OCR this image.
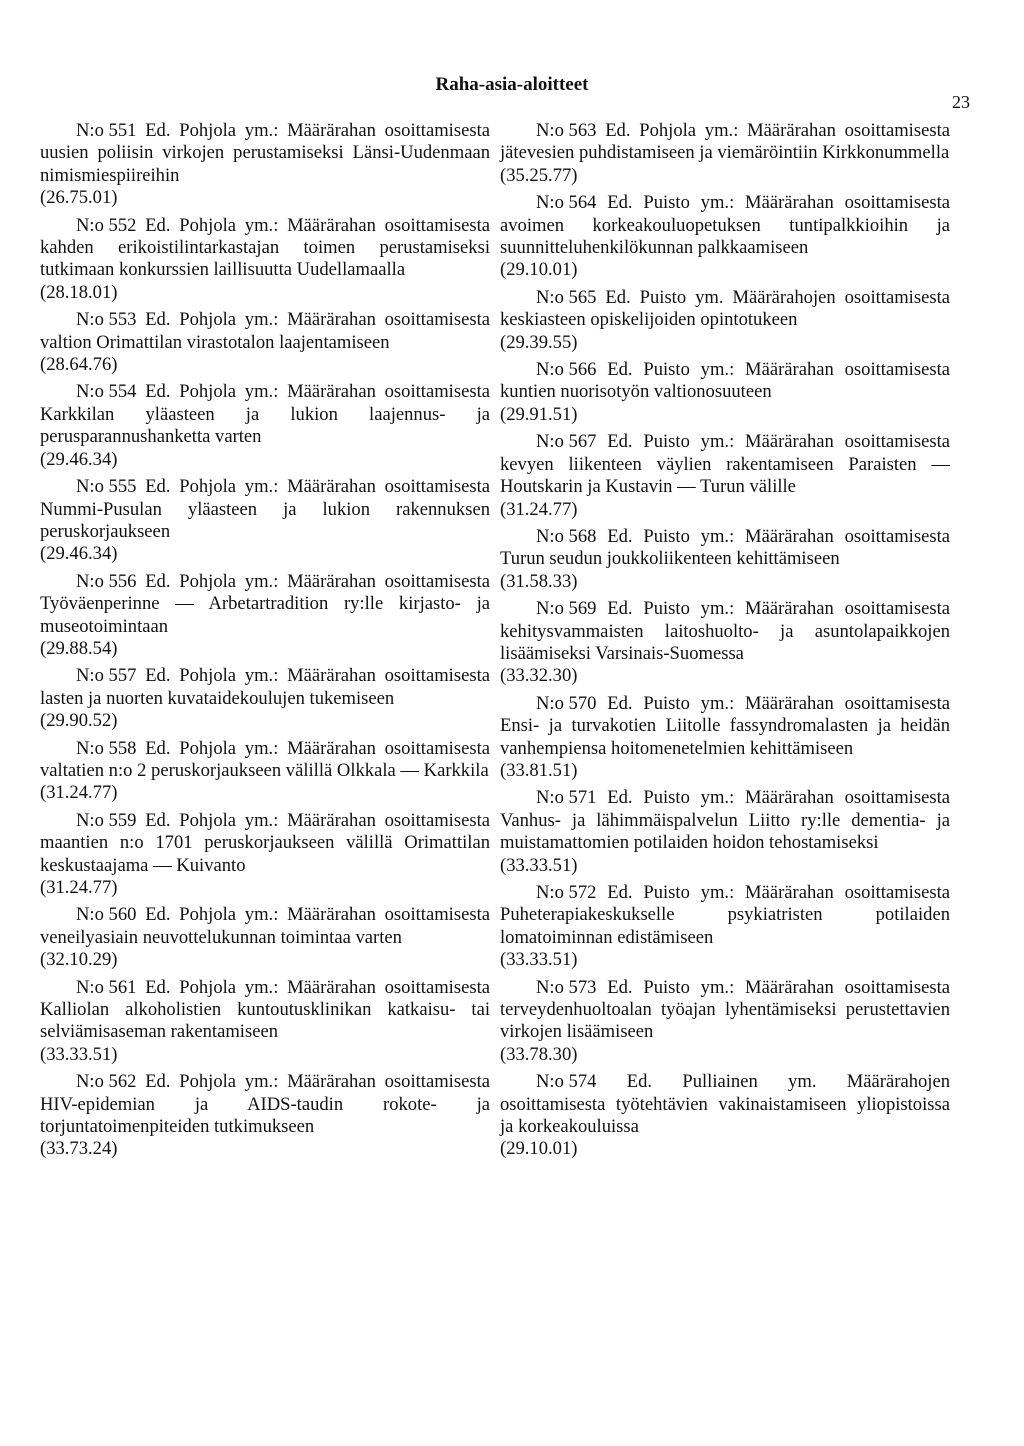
Raha-asia-aloitteet
23

N:o 551 Ed. Pohjola ym.: Määrärahan osoittamisesta uusien poliisin virkojen perustamiseksi Länsi-Uudenmaan nimismiespiireihin
(26.75.01)

N:o 552 Ed. Pohjola ym.: Määrärahan osoittamisesta kahden erikoistilintarkastajan toimen perustamiseksi tutkimaan konkurssien laillisuutta Uudellamaalla
(28.18.01)

N:o 553 Ed. Pohjola ym.: Määrärahan osoittamisesta valtion Orimattilan virastotalon laajentamiseen
(28.64.76)

N:o 554 Ed. Pohjola ym.: Määrärahan osoittamisesta Karkkilan yläasteen ja lukion laajennus- ja perusparannushanketta varten
(29.46.34)

N:o 555 Ed. Pohjola ym.: Määrärahan osoittamisesta Nummi-Pusulan yläasteen ja lukion rakennuksen peruskorjaukseen
(29.46.34)

N:o 556 Ed. Pohjola ym.: Määrärahan osoittamisesta Työväenperinne — Arbetartradition ry:lle kirjasto- ja museotoimintaan
(29.88.54)

N:o 557 Ed. Pohjola ym.: Määrärahan osoittamisesta lasten ja nuorten kuvataidekoulujen tukemiseen
(29.90.52)

N:o 558 Ed. Pohjola ym.: Määrärahan osoittamisesta valtatien n:o 2 peruskorjaukseen välillä Olkkala — Karkkila
(31.24.77)

N:o 559 Ed. Pohjola ym.: Määrärahan osoittamisesta maantien n:o 1701 peruskorjaukseen välillä Orimattilan keskustaajama — Kuivanto
(31.24.77)

N:o 560 Ed. Pohjola ym.: Määrärahan osoittamisesta veneilyasiain neuvottelukunnan toimintaa varten
(32.10.29)

N:o 561 Ed. Pohjola ym.: Määrärahan osoittamisesta Kalliolan alkoholistien kuntoutusklinikan katkaisu- tai selviämisaseman rakentamiseen
(33.33.51)

N:o 562 Ed. Pohjola ym.: Määrärahan osoittamisesta HIV-epidemian ja AIDS-taudin rokote- ja torjuntatoimenpiteiden tutkimukseen
(33.73.24)

N:o 563 Ed. Pohjola ym.: Määrärahan osoittamisesta jätevesien puhdistamiseen ja viemäröintiin Kirkkonummella
(35.25.77)

N:o 564 Ed. Puisto ym.: Määrärahan osoittamisesta avoimen korkeakouluopetuksen tuntipalkkioihin ja suunnitteluhenkilökunnan palkkaamiseen
(29.10.01)

N:o 565 Ed. Puisto ym. Määrärahojen osoittamisesta keskiasteen opiskelijoiden opintotukeen
(29.39.55)

N:o 566 Ed. Puisto ym.: Määrärahan osoittamisesta kuntien nuorisotyön valtionosuuteen
(29.91.51)

N:o 567 Ed. Puisto ym.: Määrärahan osoittamisesta kevyen liikenteen väylien rakentamiseen Paraisten — Houtskarin ja Kustavin — Turun välille
(31.24.77)

N:o 568 Ed. Puisto ym.: Määrärahan osoittamisesta Turun seudun joukkoliikenteen kehittämiseen
(31.58.33)

N:o 569 Ed. Puisto ym.: Määrärahan osoittamisesta kehitysvammaisten laitoshuolto- ja asuntolapaikkojen lisäämiseksi Varsinais-Suomessa
(33.32.30)

N:o 570 Ed. Puisto ym.: Määrärahan osoittamisesta Ensi- ja turvakotien Liitolle fassyndromalasten ja heidän vanhempiensa hoitomenetelmien kehittämiseen
(33.81.51)

N:o 571 Ed. Puisto ym.: Määrärahan osoittamisesta Vanhus- ja lähimmäispalvelun Liitto ry:lle dementia- ja muistamattomien potilaiden hoidon tehostamiseksi
(33.33.51)

N:o 572 Ed. Puisto ym.: Määrärahan osoittamisesta Puheterapiakeskukselle psykiatristen potilaiden lomatoiminnan edistämiseen
(33.33.51)

N:o 573 Ed. Puisto ym.: Määrärahan osoittamisesta terveydenhuoltoalan työajan lyhentämiseksi perustettavien virkojen lisäämiseen
(33.78.30)

N:o 574 Ed. Pulliainen ym. Määrärahojen osoittamisesta työtehtävien vakinaistamiseen yliopistoissa ja korkeakouluissa
(29.10.01)
